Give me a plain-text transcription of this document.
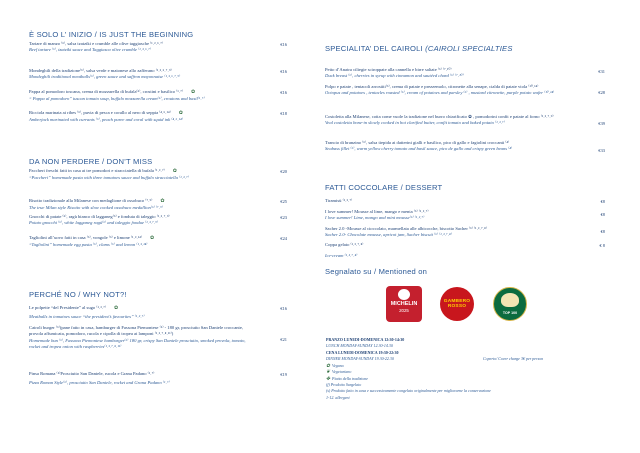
È SOLO L’ INIZIO / IS JUST THE BEGINNING
Tartare di manzo ⁽⁶⁾, salsa tzatziki e crumble alle olive taggiasche ⁽¹˒³˒⁶˒⁷⁾
Beef tartare ⁽⁶⁾, tzatziki sauce and Taggiasca olive crumble ⁽¹˒³˒⁶˒⁷⁾
€16
Mondeghili della tradizione⁽⁶⁾, salsa verde e maionese allo zafferano ⁽¹˒³˒⁶˒⁷˒⁹⁾
Mondeghili traditional meatballs⁽⁶⁾, green sauce and saffron mayonnaise ⁽¹˒³˒⁶˒⁷˒⁹⁾
€16
Pappa al pomodoro toscana, crema di mozzarella di bufala⁽⁶⁾, crostini e basilico ⁽¹˒⁷⁾ ✿
“ Pappa al pomodoro” tuscan tomato soup, buffalo mozzarella cream⁽⁶⁾, croutons and basil⁽¹˒⁷⁾
€16
Ricciola marinata ai ribes ⁽⁶⁾, puvia di pesca e corallo al nero di seppia ⁽⁴˒⁶˒¹⁴⁾ ✿
Amberjack marinated with currants ⁽⁶⁾, peach puree and coral with squid ink ⁽⁴˒⁶˒¹⁴⁾
€18
DA NON PERDERE / DON’T MISS
Paccheri freschi fatti in casa ai tre pomodori e stracciatella di bufala ⁽¹˒³˒⁷⁾ ✿
“Paccheri” homemade pasta with three tomatoes sauce and buffalo stracciatella ⁽¹˒³˒⁷⁾
€20
Risotto tradizionale alla Milanese con medaglione di ossobuco ⁽⁷˒⁹⁾ ✿
The true Milan style Risotto with slow cooked ossobuco medallion⁽⁶⁾ ⁽⁷˒⁹⁾
€25
Gnocchi di patate ⁽⁶⁾, ragù bianco di lagganeg⁽⁶⁾ e fonduta di taleggio ⁽¹˒³˒⁷˒⁹⁾
Potato gnocchi ⁽⁶⁾, white lagganeg ragù⁽⁶⁾ and taleggio fondue ⁽¹˒³˒⁷˒⁹⁾
€23
Tagliolini all’uovo fatti in casa ⁽⁶⁾, vongole ⁽⁶⁾ e limone ⁽¹˒³˒¹⁴⁾ ✿
“Tagliolini” homemade egg pasta ⁽⁶⁾, clams ⁽⁶⁾ and lemon ⁽¹˒³˒¹⁴⁾
€24
PERCHÉ NO / WHY NOT?!
Le polpette “del Presidente” al sugo ⁽¹˒³˒⁷⁾ ✿
Meatballs in tomatoes sauce “the president’s favourites” ⁽¹˒³˒⁷⁾
€16
Cairoli burger ⁽⁶⁾(pane fatto in casa, hamburger di Fassona Piemontese ⁽⁶⁾ - 180 gr, prosciutto San Daniele croccante, provola affumicata, pomodoro, rucola e cipolla di tropea ai lamponi ⁽¹˒³˒⁷˒⁸˒¹¹⁾)
Homemade bun ⁽⁶⁾, Fassona Piemontese hamburger⁽⁶⁾ 180 gr, crispy San Daniele prosciutto, smoked provola, tomato, rocket and tropea onion with raspberries⁽¹˒³˒⁷˒⁸˒¹¹⁾
€21
Pinsa Romana ⁽⁶⁾Prosciutto San Daniele, rucola e Grana Padano ⁽¹˒⁷⁾
Pizza Roman Style⁽⁶⁾, prosciutto San Daniele, rocket and Grana Padano ⁽¹˒⁷⁾
€19
SPECIALITA’ DEL CAIROLI (CAIROLI SPECIALTIES
Petto d’Anatra ciliegie sciroppate alla cannella e birre saltate ⁽⁶⁾ ⁽⁷˒¹⁰⁾
Duck breast ⁽⁶⁾, cherries in syrup with cinnamon and sautéed chard ⁽⁶⁾ ⁽⁷˒¹⁰⁾
€31
Polpo e patate , tentacoli arrostiti⁽⁶⁾, crema di patate e prezzemolo, citronette alla senape, cialda di patate viola ⁽¹⁰˒¹⁴⁾
Octopus and potatoes , tentacles roasted ⁽⁶⁾, cream of potatoes and parsley ⁽⁶⁾ , mustard citronette, purple potato wafer ⁽¹⁰˒¹⁴⁾	€28
Costoletta alla Milanese, cotta come vuole la tradizione nel burro chiarificato ✿ , pomodorini confit e patate al forno ⁽¹˒³˒⁷˒⁹⁾
Veal costoletta bone-in slowly cooked in hot clarified butter, confit tomato and baked potato ⁽¹˒³˒⁷⁾	€39
Trancio di branzino ⁽⁶⁾, salsa tiepida ai datterini gialli e basilico, pico di gallo e fagiolini croccanti ⁽⁴⁾
Seabass fillet ⁽⁶⁾, warm yellow cherry tomato and basil sauce, pico de gallo and crispy green beans ⁽⁴⁾	€33
FATTI COCCOLARE / DESSERT
Tiramisù ⁽¹˒³˒⁷⁾	€8
I love summer! Mousse al lime, mango e menta ⁽⁶⁾ ⁽¹˒³˒⁷⁾
I love summer! Lime, mango and mint mousse⁽⁶⁾ ⁽¹˒³˒⁷⁾
€8
Sacher 2.0 -Mousse al cioccolato, marmellata alle albicocche, biscotto Sacher ⁽⁶⁾ ⁽¹˒³˒⁷˒⁸⁾
Sacher 2.0- Chocolate mousse, apricot jam, Sacher biscuit ⁽⁶⁾ ⁽¹˒³˒⁷˒⁸⁾
€8
Coppa gelato ⁽¹˒³˒⁷˒⁸⁾	€ 8
Ice-cream ⁽¹˒³˒⁷˒⁸⁾
Segnalato su / Mentioned on
MICHELIN
2025
GAMBERO ROSSO
TOP 100
PRANZO LUNEDI-DOMENICA 12:30-14:30
LUNCH MONDAY-SUNDAY 12.30-14.30
CENA LUNEDI-DOMENICA 19:30-22:30
DINNER MONDAY-SUNDAY 19.30-22.30	Coperto/ Cover charge 3€ per person
✿ Vegano
❦ Vegetariano
✤ Piatto della tradizione
(f) Prodotto Surgelato
(s) Prodotto fatto in casa e successivamente congelato originalmente per migliorarne la conservazione
1-12. allergeni
